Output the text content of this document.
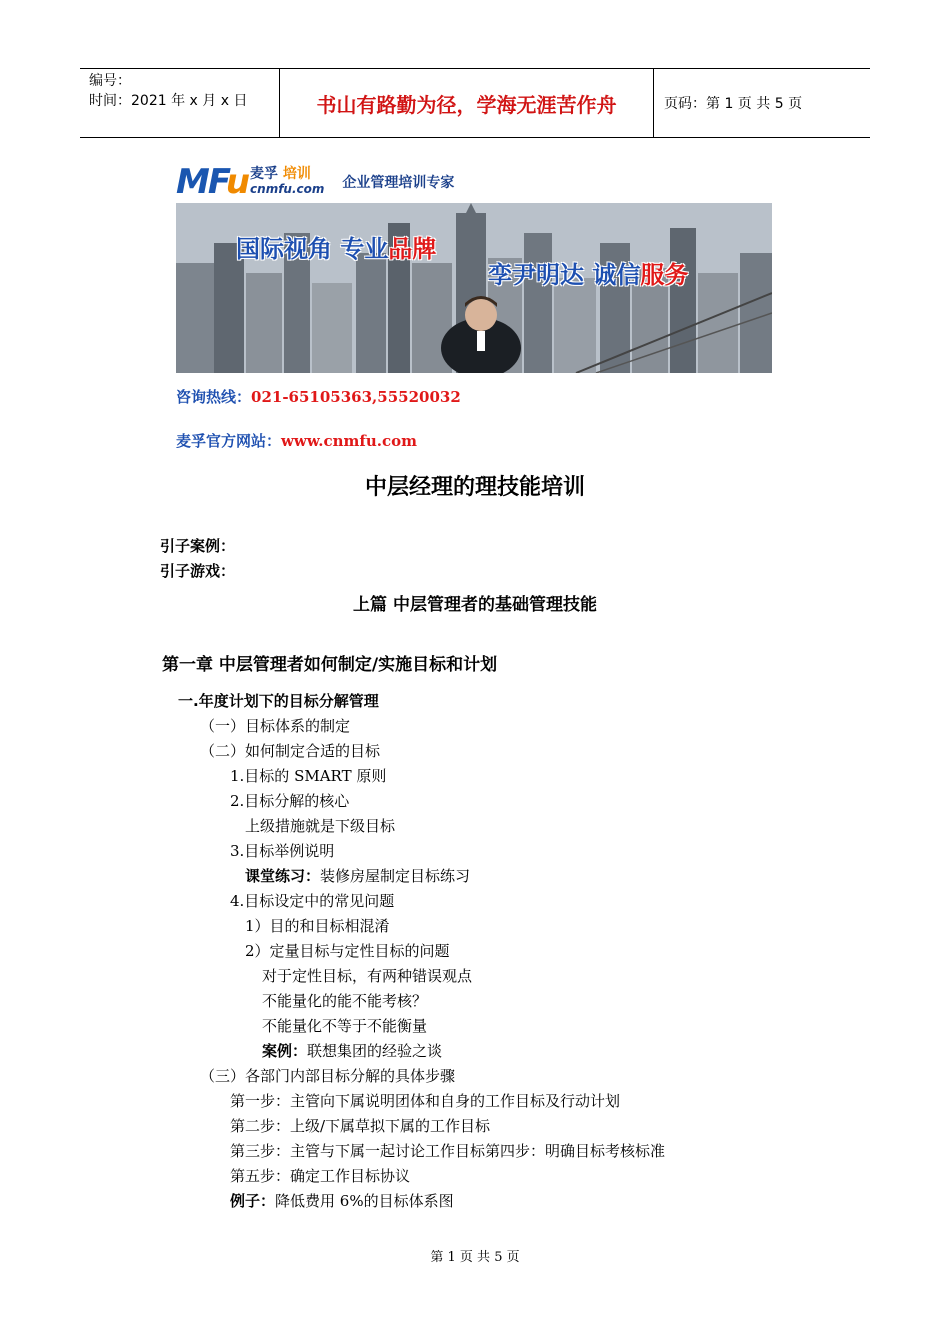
编号：
时间：2021 年 x 月 x 日	书山有路勤为径，学海无涯苦作舟	页码：第 1 页 共 5 页
MFu 麦孚 培训
cnmfu.com 企业管理培训专家
国际视角 专业品牌
孪尹明达 诚信服务
咨询热线：021-65105363,55520032
麦孚官方网站：www.cnmfu.com
中层经理的理技能培训
引子案例：
引子游戏：
上篇 中层管理者的基础管理技能
第一章 中层管理者如何制定/实施目标和计划
一.年度计划下的目标分解管理
（一）目标体系的制定
（二）如何制定合适的目标
1.目标的 SMART 原则
2.目标分解的核心
上级措施就是下级目标
3.目标举例说明
课堂练习：装修房屋制定目标练习
4.目标设定中的常见问题
1）目的和目标相混淆
2）定量目标与定性目标的问题
对于定性目标，有两种错误观点
不能量化的能不能考核？
不能量化不等于不能衡量
案例：联想集团的经验之谈
（三）各部门内部目标分解的具体步骤
第一步：主管向下属说明团体和自身的工作目标及行动计划
第二步：上级/下属草拟下属的工作目标
第三步：主管与下属一起讨论工作目标第四步：明确目标考核标准
第五步：确定工作目标协议
例子：降低费用 6%的目标体系图
第 1 页 共 5 页
